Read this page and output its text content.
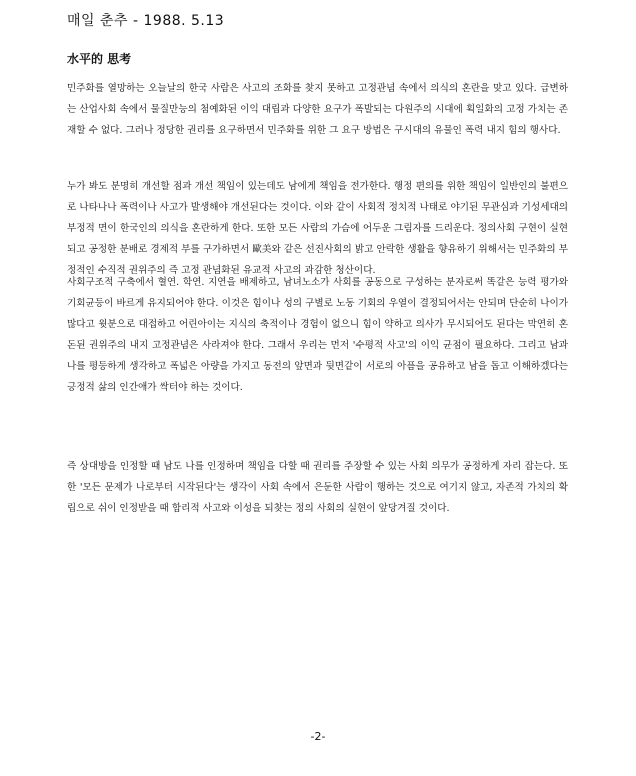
매일 춘추 - 1988. 5.13
水平的 思考

민주화를 열망하는 오늘날의 한국 사람은 사고의 조화를 찾지 못하고 고정관념 속에서 의식의 혼란을 맞고 있다. 급변하는 산업사회 속에서 물질만능의 첨예화된 이익 대립과 다양한 요구가 폭발되는 다원주의 시대에 획일화의 고정 가치는 존재할 수 없다. 그러나 정당한 권리를 요구하면서 민주화를 위한 그 요구 방법은 구시대의 유물인 폭력 내지 힘의 행사다.

누가 봐도 분명히 개선할 점과 개선 책임이 있는데도 남에게 책임을 전가한다. 행정 편의를 위한 책임이 일반인의 불편으로 나타나나 폭력이나 사고가 발생해야 개선된다는 것이다. 이와 같이 사회적 정치적 나태로 야기된 무관심과 기성세대의 부정적 면이 한국인의 의식을 혼란하게 한다. 또한 모든 사람의 가슴에 어두운 그림자를 드리운다. 정의사회 구현이 실현되고 공정한 분배로 경제적 부를 구가하면서 歐美와 같은 선진사회의 밝고 안락한 생활을 향유하기 위해서는 민주화의 부정적인 수직적 권위주의 즉 고정 관념화된 유교적 사고의 과감한 청산이다.

사회구조적 구축에서 혈연. 학연. 지연을 배제하고, 남녀노소가 사회를 공동으로 구성하는 분자로써 똑같은 능력 평가와 기회균등이 바르게 유지되어야 한다. 이것은 힘이나 성의 구별로 노동 기회의 우열이 결정되어서는 안되며 단순히 나이가 많다고 윗분으로 대접하고 어린아이는 지식의 축적이나 경험이 없으니 힘이 약하고 의사가 무시되어도 된다는 막연히 혼돈된 권위주의 내지 고정관념은 사라져야 한다. 그래서 우리는 먼저 '수평적 사고'의 이익 균점이 필요하다. 그리고 남과 나를 평등하게 생각하고 폭넓은 아량을 가지고 동전의 앞면과 뒷면같이 서로의 아픔을 공유하고 남을 돕고 이해하겠다는 긍정적 삶의 인간애가 싹터야 하는 것이다.

즉 상대방을 인정할 때 남도 나를 인정하며 책임을 다할 때 권리를 주장할 수 있는 사회 의무가 공정하게 자리 잡는다. 또한 '모든 문제가 나로부터 시작된다'는 생각이 사회 속에서 은둔한 사람이 행하는 것으로 여기지 않고, 자존적 가치의 확립으로 쉬이 인정받을 때 합리적 사고와 이성을 되찾는 정의 사회의 실현이 앞당겨질 것이다.

-2-
